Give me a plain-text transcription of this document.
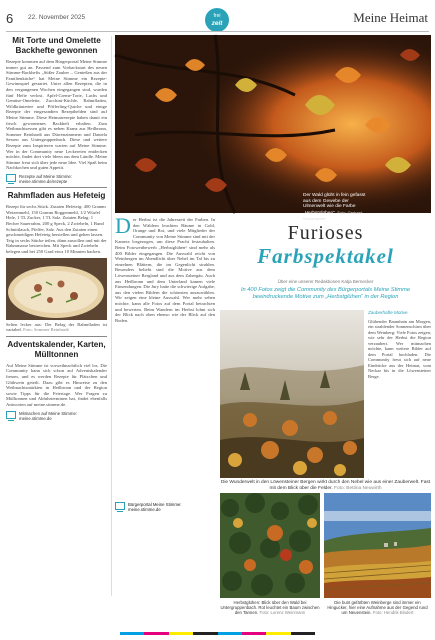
6 22. November 2025	frei
zeit	Meine Heimat
Mit Torte und Omelette Backhefte gewonnen

Rezepte kommen auf dem Bürgerportal Meine Stimme immer gut an. Passend zum Vorbackstart des neuen Stimme-Backhefts „Süßer Zauber – Genießen aus der Familienküche“ hat Meine Stimme ein Rezepte-Gewinnspiel gestartet. Unter allen Rezepten, die in den vergangenen Wochen eingegangen sind, wurden fünf Hefte verlost. Apfel-Creme-Torte, Lachs und Gemüse-Omelette, Zucchini-Küchle, Rahmfladen, Wildkräutertee und Pfifferling-Quiche und einige Rezepte der eingesandten Rezepthelden sind auf Meine Stimme. Diese Heimatrezepte haben damit ein frisch gewonnenes Backheft erhalten. Zum Weihnachtsessen gibt es neben Kranz aus Heilbronn, Sommer Reinhardt aus Dürrenzimmern und Daniela Sessen aus Untergruppenbach. Diese und weitere Rezepte zum Inspirieren warten auf Meine Stimme. Wer in der Community neue Leckereien entdecken möchte, findet dort viele Ideen aus dem Ländle. Meine Stimme freut sich über jede neue Idee. Viel Spaß beim Nachkochen und guten Appetit.

Rezepte auf Meine Stimme: meine.stimme.de/rezepte
Rahmfladen aus Hefeteig

Rezept für sechs Stück. Zutaten Hefeteig: 400 Gramm Weizenmehl, 150 Gramm Roggenmehl, 1/2 Würfel Hefe, 1 TL Zucker, 1 TL Salz. Zutaten Belag: 1 Becher Sauerrahm, 200 g Speck, 2 Zwiebeln, 1 Bund Schnittlauch, Pfeffer, Salz. Aus den Zutaten einen geschmeidigen Hefeteig herstellen und gehen lassen. Teig in sechs Stücke teilen, dünn ausrollen und mit der Rahmmasse bestreichen. Mit Speck und Zwiebeln belegen und bei 250 Grad etwa 10 Minuten backen.

Selten lecker aus: Der Belag der Rahmfladen ist variabel. Foto: Sommer Reinhardt

Adventskalender, Karten, Mülltonnen

Auf Meine Stimme ist vorweihnachtlich viel los. Die Community kann sich schon auf Adventskalender freuen, und es werden Rezepte für Plätzchen und Glühwein geteilt. Dazu gibt es Hinweise zu den Weihnachtsmärkten in Heilbronn und der Region sowie Tipps für die Feiertage. Wer Fragen zu Mülltonnen und Abfuhrterminen hat, findet ebenfalls Antworten auf meine.stimme.de.

Mitmachen auf Meine Stimme: meine.stimme.de
Der Wald glüht in fein gefasst aus dem Gewebe der Ulmenwelt wie die Farbe „Herbstglühen“. Foto: Gerhard Schumacher
D er Herbst ist die Jahreszeit der Farben. In den Wäldern leuchten Bäume in Gold, Orange und Rot, und viele Mitglieder der Community von Meine Stimme sind mit der Kamera losgezogen, um diese Pracht festzuhalten. Beim Fotowettbewerb „Herbstglühen“ sind mehr als 400 Bilder eingegangen. Die Auswahl reicht von Weinbergen im Abendlicht über Nebel im Tal bis zu einzelnen Blättern, die im Gegenlicht strahlen. Besonders beliebt sind die Motive aus dem Löwensteiner Bergland und aus dem Zabergäu. Auch aus Heilbronn und dem Unterland kamen viele Einsendungen. Die Jury hatte die schwierige Aufgabe, aus den vielen Bildern die schönsten auszuwählen. Wir zeigen eine kleine Auswahl. Wer mehr sehen möchte, kann alle Fotos auf dem Portal betrachten und bewerten. Beim Wandern im Herbst lohnt sich der Blick nach oben ebenso wie der Blick auf den Boden.
Bürgerportal Meine Stimme: meine.stimme.de
Furioses
Farbspektakel
Über eine unserer Redaktionen Katja Bernecker
In 400 Fotos zeigt die Community des Bürgerportals Meine Stimme beeindruckende Motive zum „Herbstglühen“ in der Region
Zauberhafte Motive
Glühender Baumhain am Morgen, ein strahlender Sonnenschirm über dem Weinberg: Viele Fotos zeigen, wie sehr der Herbst die Region verzaubert. Wer mitmachen möchte, kann weitere Bilder auf dem Portal hochladen. Die Community freut sich auf neue Eindrücke aus der Heimat, vom Neckar bis in die Löwensteiner Berge.
Die Wunderwelt in den Löwensteiner Bergen wirkt durch den Nebel wie aus einer Zauberwelt. Fast mit dem Blick über die Felder. Foto: Bettina Neuwirth
Herbstglühen: Blick über den Wald bei Untergruppenbach. Rot leuchtet ein Baum zwischen den Tannen. Foto: Lorenz Weinmann
Die bunt gefärbten Weinberge sind immer ein Hingucker, hier eine Aufnahme aus der Gegend rund um Neuenstein. Foto: Hendrik Bindert
